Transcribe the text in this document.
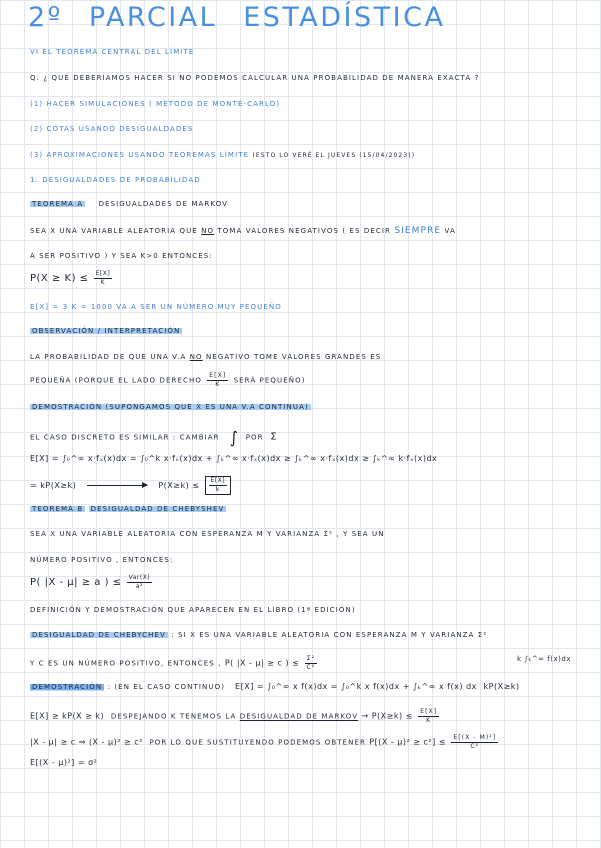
2º PARCIAL ESTADÍSTICA
VI EL TEOREMA CENTRAL DEL LÍMITE
Q: ¿ QUÉ DEBERÍAMOS HACER SI NO PODEMOS CALCULAR UNA PROBABILIDAD DE MANERA EXACTA ?
(1) HACER SIMULACIONES ( MÉTODO DE MONTE-CARLO)
(2) COTAS USANDO DESIGUALDADES
(3) APROXIMACIONES USANDO TEOREMAS LÍMITE (ESTO LO VERÉ EL JUEVES (15/04/2023))
1. DESIGUALDADES DE PROBABILIDAD
TEOREMA A DESIGUALDADES DE MARKOV
SEA X UNA VARIABLE ALEATORIA QUE NO TOMA VALORES NEGATIVOS ( ES DECIR SIEMPRE VA
A SER POSITIVO ) Y SEA K>0 ENTONCES:
$P(X \ge K) \le \frac{E[X]}{K}$
E[X] = 3 K = 1000 VA A SER UN NÚMERO MUY PEQUEÑO
OBSERVACIÓN / INTERPRETACIÓN
LA PROBABILIDAD DE QUE UNA V.A NO NEGATIVO TOME VALORES GRANDES ES
PEQUEÑA (PORQUE EL LADO DERECHO $\frac{E[X]}{K}$ SERÁ PEQUEÑO)
DEMOSTRACIÓN (SUPONGAMOS QUE X ES UNA V.A CONTINUA)
EL CASO DISCRETO ES SIMILAR : CAMBIAR ∫ POR Σ
E[X] = ∫₀^∞ x·fₓ(x)dx = ∫₀^k x·fₓ(x)dx + ∫ₖ^∞ x·fₓ(x)dx ≥ ∫ₖ^∞ x·fₓ(x)dx ≥ ∫ₖ^∞ k·fₓ(x)dx
= kP(X≥k)	$P(X\ge k) \le \frac{E[X]}{k}$
TEOREMA B DESIGUALDAD DE CHEBYSHEV
SEA X UNA VARIABLE ALEATORIA CON ESPERANZA Μ Y VARIANZA Σ² , Y SEA UN
NÚMERO POSITIVO , ENTONCES:
P( |X - μ| ≥ a ) ≤ $\frac{\text{Var(X)}}{\text{a²}}$
DEFINICIÓN Y DEMOSTRACIÓN QUE APARECEN EN EL LIBRO (1ª EDICIÓN)
DESIGUALDAD DE CHEBYCHEV : SI X ES UNA VARIABLE ALEATORIA CON ESPERANZA Μ Y VARIANZA Σ²
Y C ES UN NÚMERO POSITIVO, ENTONCES , P( |X - μ| ≥ c ) ≤ $\frac{\text{Σ²}}{\text{C²}}$	k ∫ₖ^∞ f(x)dx
DEMOSTRACIÓN : (EN EL CASO CONTINUO) E[X] = ∫₀^∞ x f(x)dx = ∫₀^k x f(x)dx + ∫ₖ^∞ x f(x) dx kP(X≥k)
E[X] ≥ kP(X ≥ k) DESPEJANDO K TENEMOS LA DESIGUALDAD DE MARKOV → $P(X\ge k) \le \frac{E[X]}{K}$
|X - μ| ≥ c ⇒ (X - μ)² ≥ c² POR LO QUE SUSTITUYENDO PODEMOS OBTENER $P[(X - \mu)^2 \ge c^2] \le \frac{\text{E[(X - Μ)²]}}{\text{C²}}$
E[(X - μ)²] = σ²
